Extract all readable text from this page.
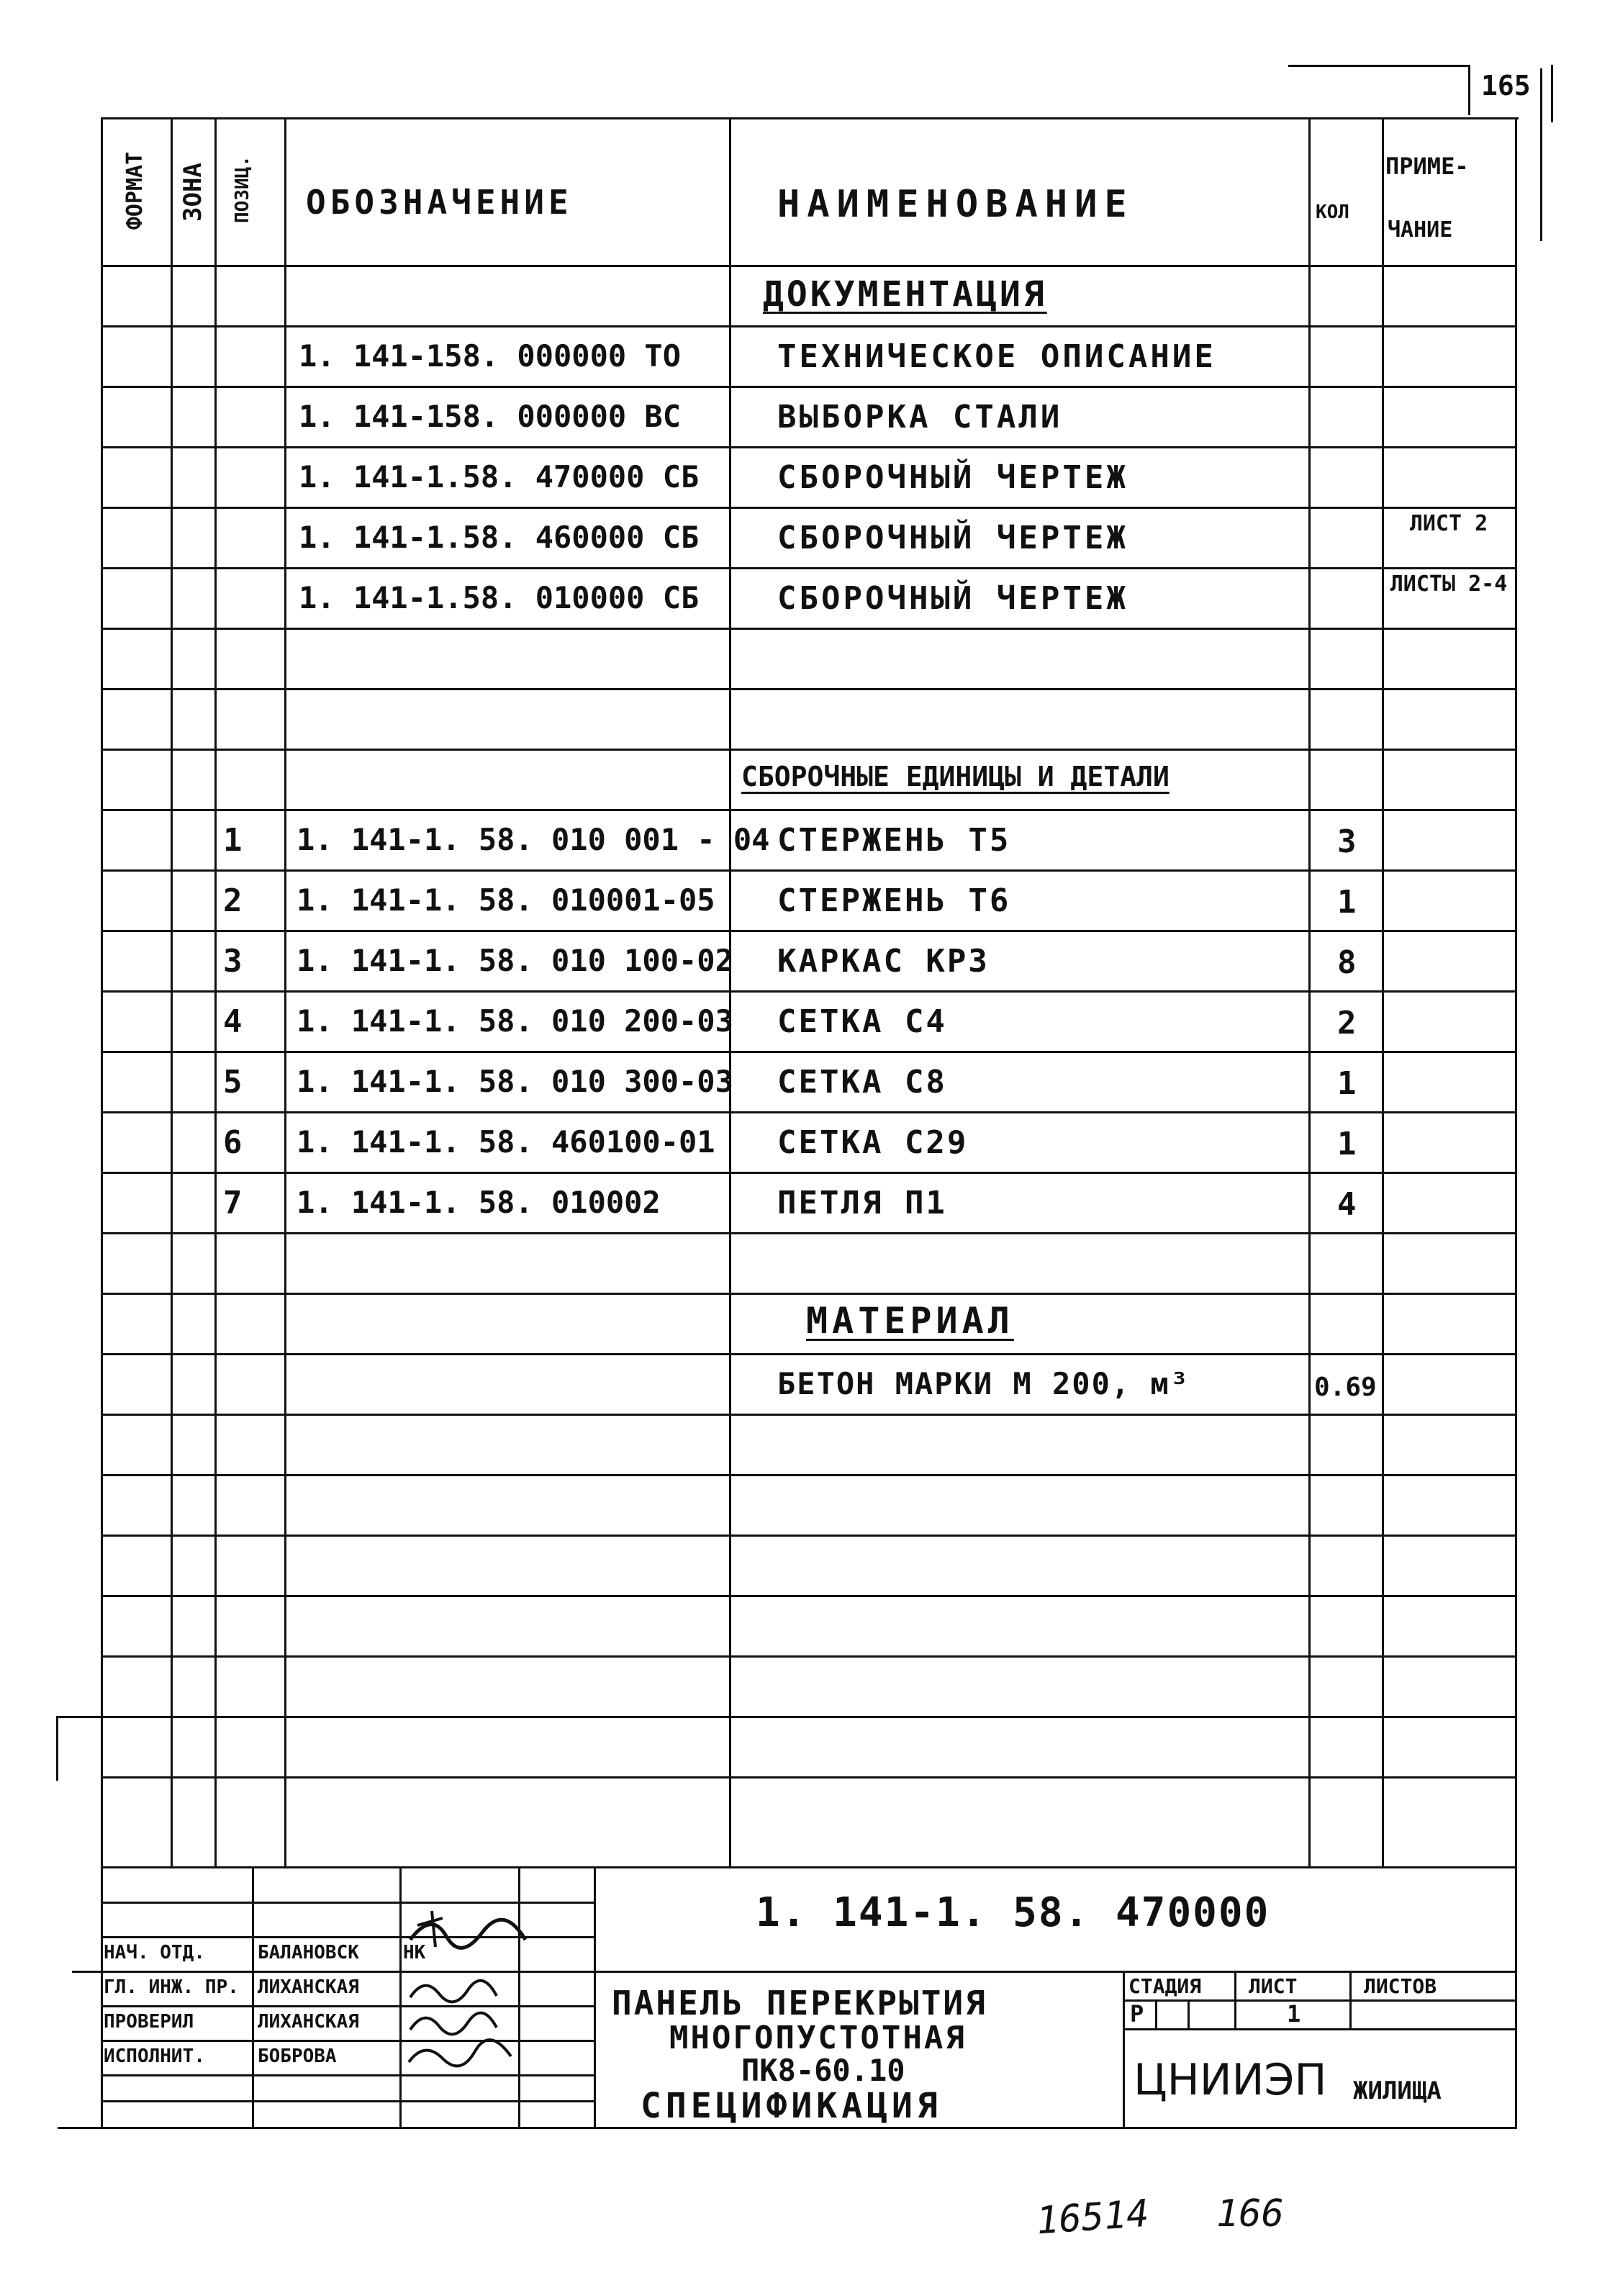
165
ФОРМАТ ЗОНА ПОЗИЦ. ОБОЗНАЧЕНИЕ	НАИМЕНОВАНИЕ	КОЛ
ПРИМЕ-
ЧАНИЕ
ДОКУМЕНТАЦИЯ
1. 141-158. 000000 ТО	ТЕХНИЧЕСКОЕ ОПИСАНИЕ
1. 141-158. 000000 ВС	ВЫБОРКА СТАЛИ
1. 141-1.58. 470000 СБ СБОРОЧНЫЙ ЧЕРТЕЖ
1. 141-1.58. 460000 СБ СБОРОЧНЫЙ ЧЕРТЕЖ	ЛИСТ 2
1. 141-1.58. 010000 СБ СБОРОЧНЫЙ ЧЕРТЕЖ	ЛИСТЫ 2-4
СБОРОЧНЫЕ ЕДИНИЦЫ И ДЕТАЛИ
1 1. 141-1. 58. 010 001 - 04 СТЕРЖЕНЬ Т5	3
2 1. 141-1. 58. 010001-05 СТЕРЖЕНЬ Т6	1
3 1. 141-1. 58. 010 100-02 КАРКАС КР3	8
4 1. 141-1. 58. 010 200-03 СЕТКА С4	2
5 1. 141-1. 58. 010 300-03 СЕТКА С8	1
6 1. 141-1. 58. 460100-01 СЕТКА С29	1
7 1. 141-1. 58. 010002	ПЕТЛЯ П1	4
МАТЕРИАЛ
БЕТОН МАРКИ М 200, м³	0.69
1. 141-1. 58. 470000
НАЧ. ОТД.	БАЛАНОВСК НК
ГЛ. ИНЖ. ПР. ЛИХАНСКАЯ
ПРОВЕРИЛ	ЛИХАНСКАЯ
ИСПОЛНИТ.	БОБРОВА
ПАНЕЛЬ ПЕРЕКРЫТИЯ
МНОГОПУСТОТНАЯ
ПК8-60.10
СПЕЦИФИКАЦИЯ
СТАДИЯ ЛИСТ	ЛИСТОВ
Р	1
ЦНИИЭП ЖИЛИЩА
16514 166
